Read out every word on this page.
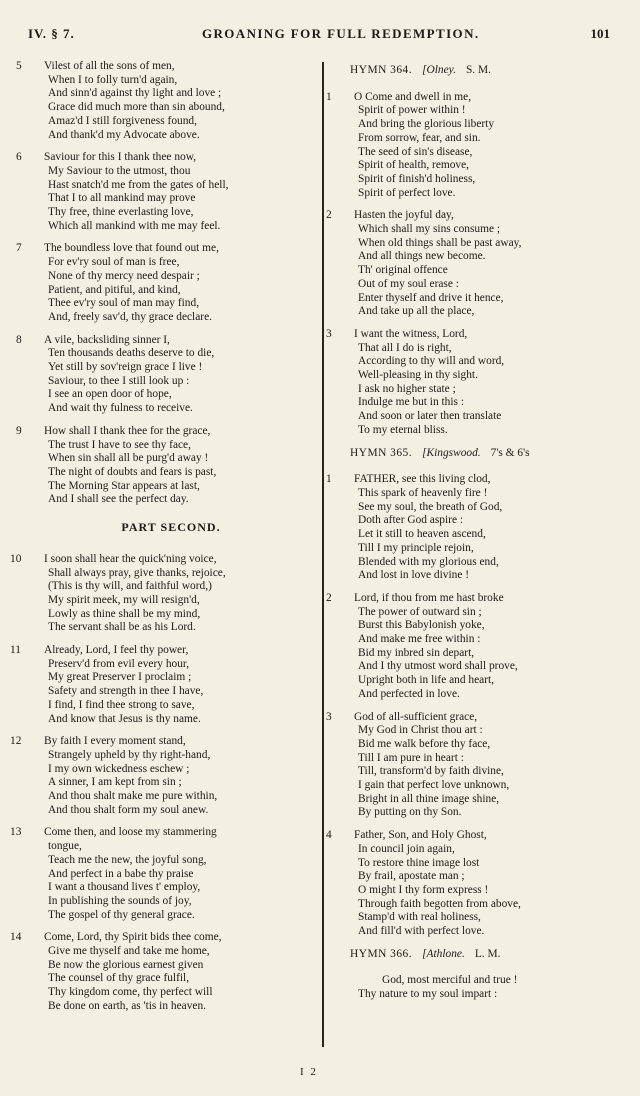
IV. § 7.	GROANING FOR FULL REDEMPTION.	101
5 Vilest of all the sons of men,
When I to folly turn'd again,
And sinn'd against thy light and love ;
Grace did much more than sin abound,
Amaz'd I still forgiveness found,
And thank'd my Advocate above.
6 Saviour for this I thank thee now,
My Saviour to the utmost, thou
Hast snatch'd me from the gates of hell,
That I to all mankind may prove
Thy free, thine everlasting love,
Which all mankind with me may feel.
7 The boundless love that found out me,
For ev'ry soul of man is free,
None of thy mercy need despair ;
Patient, and pitiful, and kind,
Thee ev'ry soul of man may find,
And, freely sav'd, thy grace declare.
8 A vile, backsliding sinner I,
Ten thousands deaths deserve to die,
Yet still by sov'reign grace I live !
Saviour, to thee I still look up :
I see an open door of hope,
And wait thy fulness to receive.
9 How shall I thank thee for the grace,
The trust I have to see thy face,
When sin shall all be purg'd away !
The night of doubts and fears is past,
The Morning Star appears at last,
And I shall see the perfect day.
PART SECOND.
10 I soon shall hear the quick'ning voice,
Shall always pray, give thanks, rejoice,
(This is thy will, and faithful word,)
My spirit meek, my will resign'd,
Lowly as thine shall be my mind,
The servant shall be as his Lord.
11 Already, Lord, I feel thy power,
Preserv'd from evil every hour,
My great Preserver I proclaim ;
Safety and strength in thee I have,
I find, I find thee strong to save,
And know that Jesus is thy name.
12 By faith I every moment stand,
Strangely upheld by thy right-hand,
I my own wickedness eschew ;
A sinner, I am kept from sin ;
And thou shalt make me pure within,
And thou shalt form my soul anew.
13 Come then, and loose my stammering
tongue,
Teach me the new, the joyful song,
And perfect in a babe thy praise
I want a thousand lives t' employ,
In publishing the sounds of joy,
The gospel of thy general grace.
14 Come, Lord, thy Spirit bids thee come,
Give me thyself and take me home,
Be now the glorious earnest given
The counsel of thy grace fulfil,
Thy kingdom come, thy perfect will
Be done on earth, as 'tis in heaven.
HYMN 364. [Olney. S. M.
1 O Come and dwell in me,
Spirit of power within !
And bring the glorious liberty
From sorrow, fear, and sin.
The seed of sin's disease,
Spirit of health, remove,
Spirit of finish'd holiness,
Spirit of perfect love.
2 Hasten the joyful day,
Which shall my sins consume ;
When old things shall be past away,
And all things new become.
Th' original offence
Out of my soul erase :
Enter thyself and drive it hence,
And take up all the place,
3 I want the witness, Lord,
That all I do is right,
According to thy will and word,
Well-pleasing in thy sight.
I ask no higher state ;
Indulge me but in this :
And soon or later then translate
To my eternal bliss.
HYMN 365. [Kingswood. 7's & 6's
1 FATHER, see this living clod,
This spark of heavenly fire !
See my soul, the breath of God,
Doth after God aspire :
Let it still to heaven ascend,
Till I my principle rejoin,
Blended with my glorious end,
And lost in love divine !
2 Lord, if thou from me hast broke
The power of outward sin ;
Burst this Babylonish yoke,
And make me free within :
Bid my inbred sin depart,
And I thy utmost word shall prove,
Upright both in life and heart,
And perfected in love.
3 God of all-sufficient grace,
My God in Christ thou art :
Bid me walk before thy face,
Till I am pure in heart :
Till, transform'd by faith divine,
I gain that perfect love unknown,
Bright in all thine image shine,
By putting on thy Son.
4 Father, Son, and Holy Ghost,
In council join again,
To restore thine image lost
By frail, apostate man ;
O might I thy form express !
Through faith begotten from above,
Stamp'd with real holiness,
And fill'd with perfect love.
HYMN 366. [Athlone. L. M.
God, most merciful and true !
Thy nature to my soul impart :
I 2
